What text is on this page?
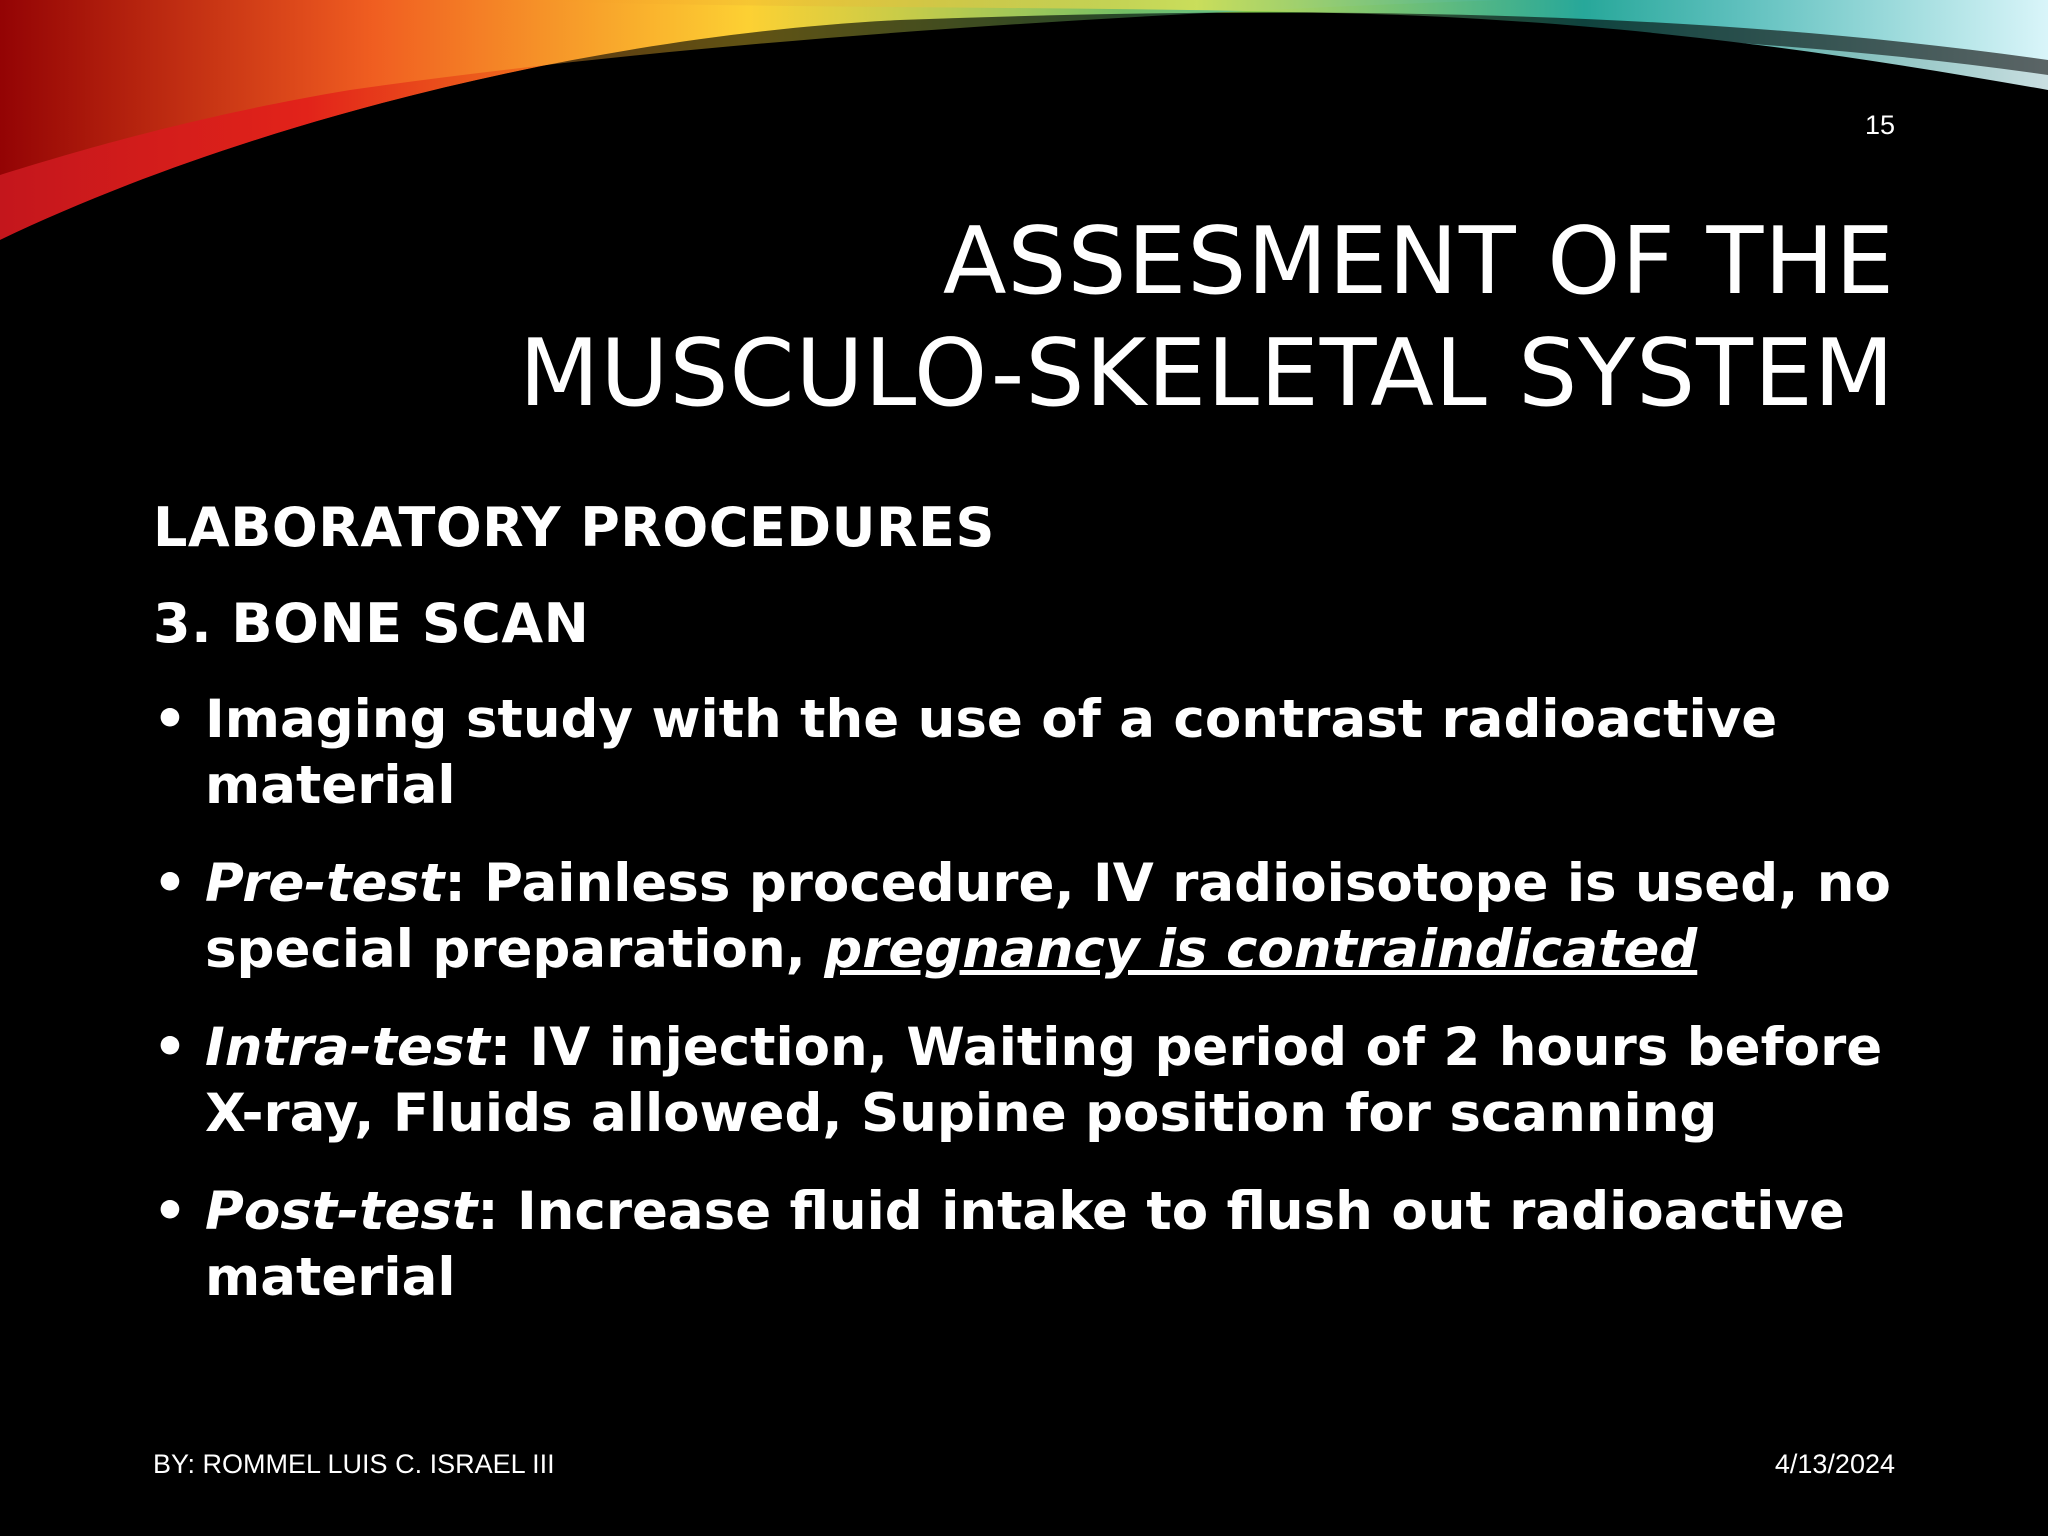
15
ASSESMENT OF THE
MUSCULO-SKELETAL SYSTEM

LABORATORY PROCEDURES

3. BONE SCAN

• Imaging study with the use of a contrast radioactive material
• Pre-test: Painless procedure, IV radioisotope is used, no special preparation, pregnancy is contraindicated
• Intra-test: IV injection, Waiting period of 2 hours before X-ray, Fluids allowed, Supine position for scanning
• Post-test: Increase fluid intake to flush out radioactive material
BY: ROMMEL LUIS C. ISRAEL III	4/13/2024
